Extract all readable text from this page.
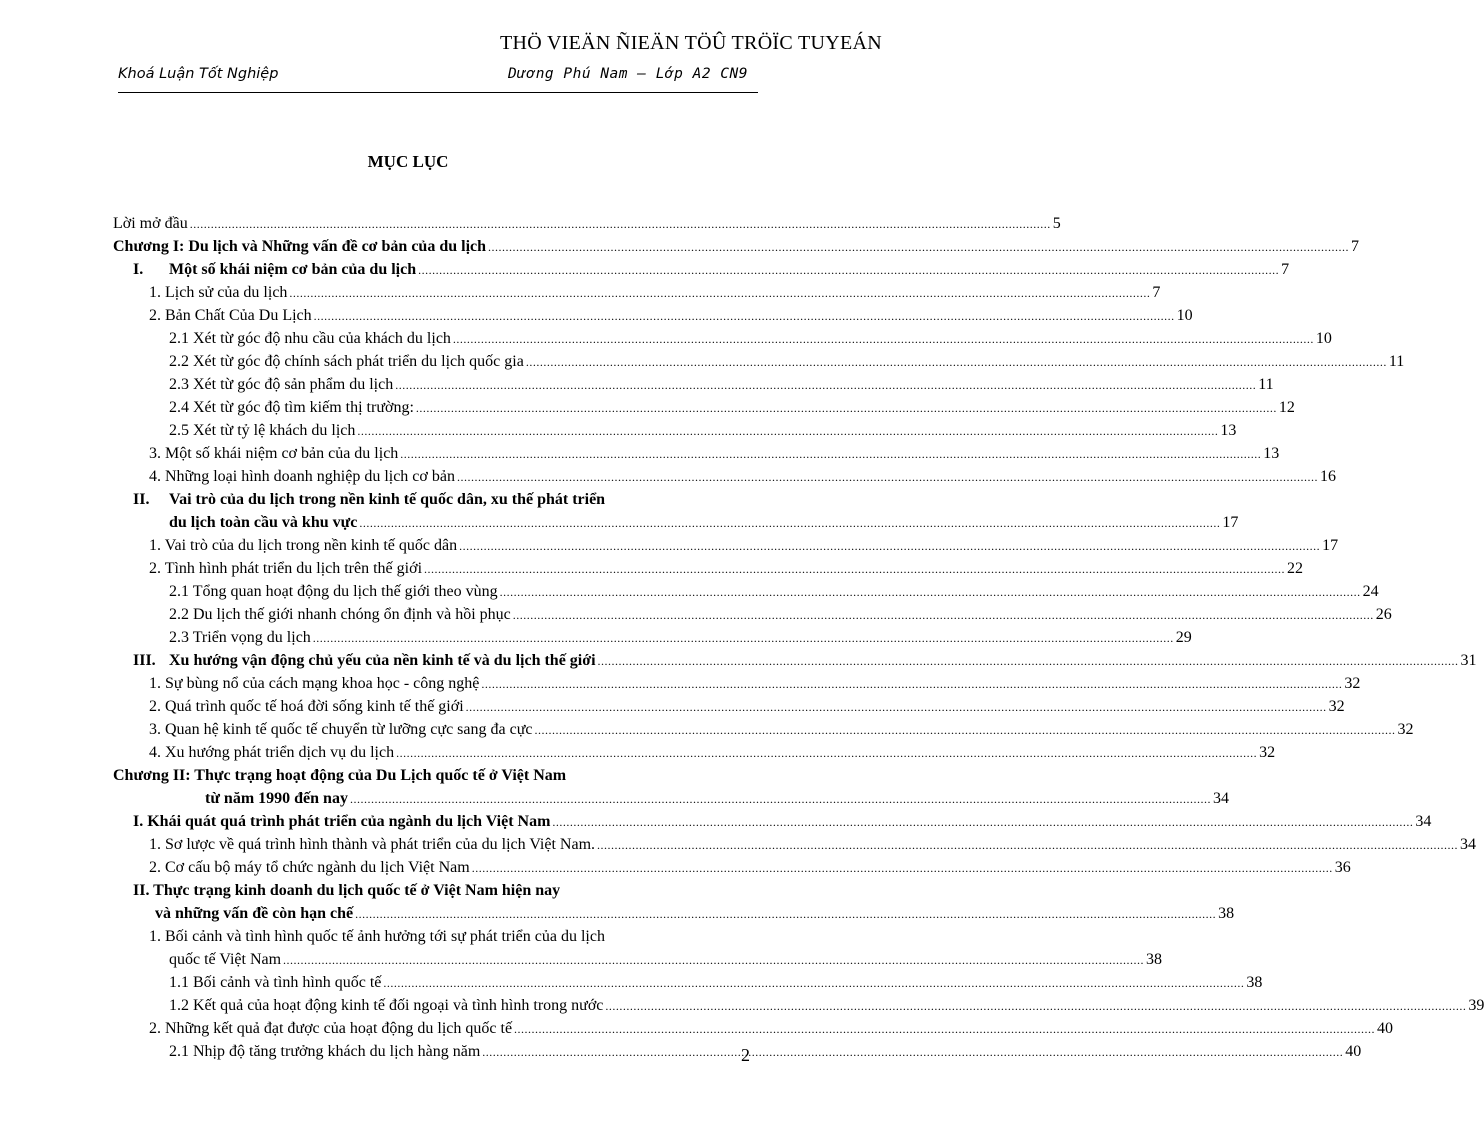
THÖ VIEÄN ÑIEÄN TÖÛ TRÖÏC TUYEÁN
Khoá Luận Tốt Nghiệp	Dương Phú Nam – Lớp A2 CN9
MỤC LỤC
Lời mở đầu .....	5
Chương I: Du lịch và Những vấn đề cơ bản của du lịch .....	7
I. Một số khái niệm cơ bản của du lịch .....	7
1. Lịch sử của du lịch .....	7
2. Bản Chất Của Du Lịch .....	10
2.1 Xét từ góc độ nhu cầu của khách du lịch .....	10
2.2 Xét từ góc độ chính sách phát triển du lịch quốc gia .....	11
2.3 Xét từ góc độ sản phẩm du lịch .....	11
2.4 Xét từ góc độ tìm kiếm thị trường: .....	12
2.5 Xét từ tỷ lệ khách du lịch .....	13
3. Một số khái niệm cơ bản của du lịch .....	13
4. Những loại hình doanh nghiệp du lịch cơ bản .....	16
II. Vai trò của du lịch trong nền kinh tế quốc dân, xu thế phát triển
du lịch toàn cầu và khu vực .....	17
1. Vai trò của du lịch trong nền kinh tế quốc dân .....	17
2. Tình hình phát triển du lịch trên thế giới .....	22
2.1 Tổng quan hoạt động du lịch thế giới theo vùng .....	24
2.2 Du lịch thế giới nhanh chóng ổn định và hồi phục .....	26
2.3 Triển vọng du lịch .....	29
III. Xu hướng vận động chủ yếu của nền kinh tế và du lịch thế giới .....	31
1. Sự bùng nổ của cách mạng khoa học - công nghệ .....	32
2. Quá trình quốc tế hoá đời sống kinh tế thế giới .....	32
3. Quan hệ kinh tế quốc tế chuyển từ lưỡng cực sang đa cực .....	32
4. Xu hướng phát triển dịch vụ du lịch .....	32
Chương II: Thực trạng hoạt động của Du Lịch quốc tế ở Việt Nam
từ năm 1990 đến nay .....	34
I. Khái quát quá trình phát triển của ngành du lịch Việt Nam .....	34
1. Sơ lược về quá trình hình thành và phát triển của du lịch Việt Nam. .....	34
2. Cơ cấu bộ máy tổ chức ngành du lịch Việt Nam .....	36
II. Thực trạng kinh doanh du lịch quốc tế ở Việt Nam hiện nay
và những vấn đề còn hạn chế .....	38
1. Bối cảnh và tình hình quốc tế ảnh hưởng tới sự phát triển của du lịch
quốc tế Việt Nam .....	38
1.1 Bối cảnh và tình hình quốc tế .....	38
1.2 Kết quả của hoạt động kinh tế đối ngoại và tình hình trong nước .....	39
2. Những kết quả đạt được của hoạt động du lịch quốc tế .....	40
2.1 Nhịp độ tăng trưởng khách du lịch hàng năm .....	40
2
